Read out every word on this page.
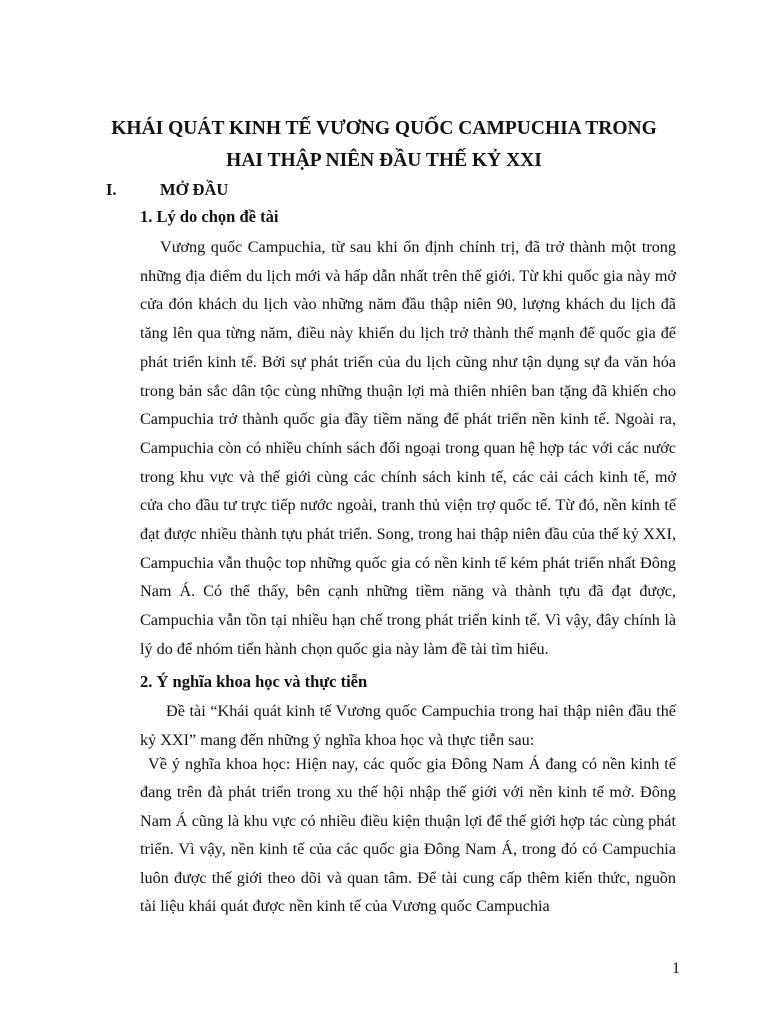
KHÁI QUÁT KINH TẾ VƯƠNG QUỐC CAMPUCHIA TRONG
HAI THẬP NIÊN ĐẦU THẾ KỶ XXI
I.	MỞ ĐẦU
1. Lý do chọn đề tài

Vương quốc Campuchia, từ sau khi ổn định chính trị, đã trở thành một trong những địa điểm du lịch mới và hấp dẫn nhất trên thế giới. Từ khi quốc gia này mở cửa đón khách du lịch vào những năm đầu thập niên 90, lượng khách du lịch đã tăng lên qua từng năm, điều này khiến du lịch trở thành thế mạnh để quốc gia để phát triển kinh tế. Bởi sự phát triển của du lịch cũng như tận dụng sự đa văn hóa trong bản sắc dân tộc cùng những thuận lợi mà thiên nhiên ban tặng đã khiến cho Campuchia trở thành quốc gia đầy tiềm năng để phát triển nền kinh tế. Ngoài ra, Campuchia còn có nhiều chính sách đối ngoại trong quan hệ hợp tác với các nước trong khu vực và thế giới cùng các chính sách kinh tế, các cải cách kinh tế, mở cửa cho đầu tư trực tiếp nước ngoài, tranh thủ viện trợ quốc tế. Từ đó, nền kinh tế đạt được nhiều thành tựu phát triển. Song, trong hai thập niên đầu của thế kỷ XXI, Campuchia vẫn thuộc top những quốc gia có nền kinh tế kém phát triển nhất Đông Nam Á. Có thể thấy, bên cạnh những tiềm năng và thành tựu đã đạt được, Campuchia vẫn tồn tại nhiều hạn chế trong phát triển kinh tế. Vì vậy, đây chính là lý do để nhóm tiến hành chọn quốc gia này làm đề tài tìm hiểu.

2. Ý nghĩa khoa học và thực tiễn

Đề tài “Khái quát kinh tế Vương quốc Campuchia trong hai thập niên đầu thế kỷ XXI” mang đến những ý nghĩa khoa học và thực tiễn sau:

Về ý nghĩa khoa học: Hiện nay, các quốc gia Đông Nam Á đang có nền kinh tế đang trên đà phát triển trong xu thế hội nhập thế giới với nền kinh tế mở. Đông Nam Á cũng là khu vực có nhiều điều kiện thuận lợi để thế giới hợp tác cùng phát triển. Vì vậy, nền kinh tế của các quốc gia Đông Nam Á, trong đó có Campuchia luôn được thế giới theo dõi và quan tâm. Để tài cung cấp thêm kiến thức, nguồn tài liệu khái quát được nền kinh tế của Vương quốc Campuchia

1
